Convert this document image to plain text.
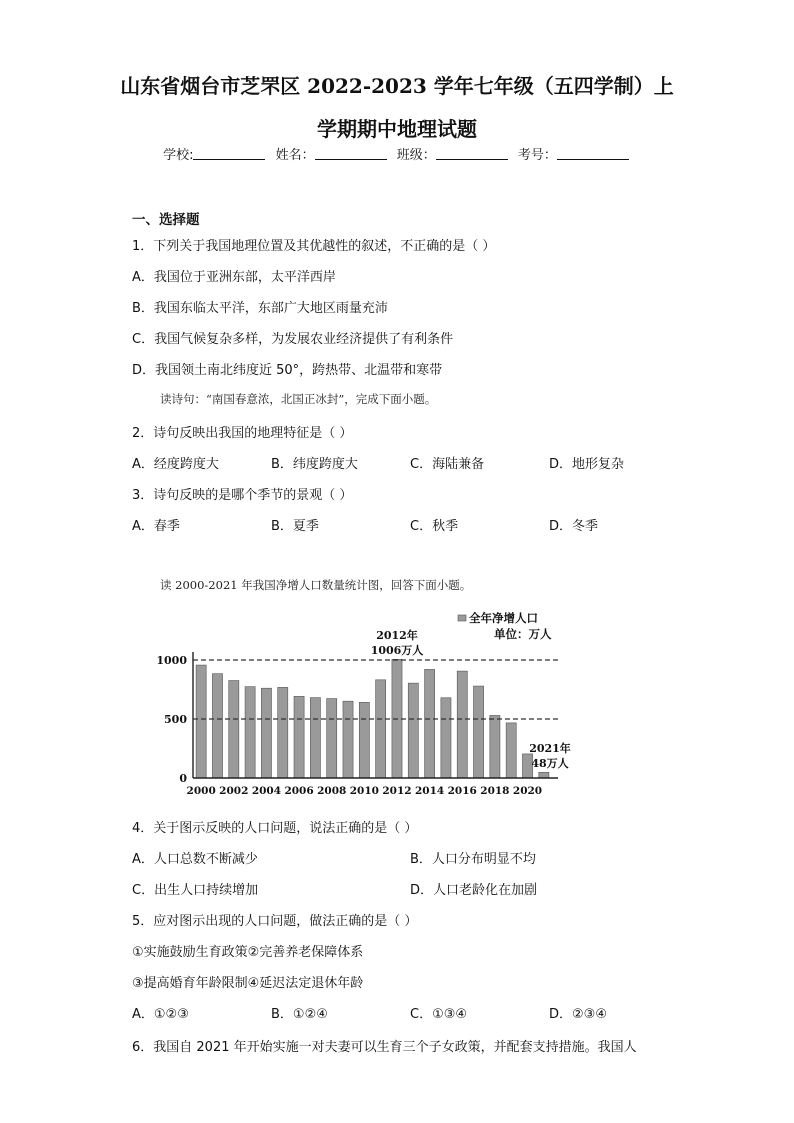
山东省烟台市芝罘区 2022-2023 学年七年级（五四学制）上
学期期中地理试题
学校:	姓名：	班级：	考号：
一、选择题
1．下列关于我国地理位置及其优越性的叙述，不正确的是（ ）
A．我国位于亚洲东部，太平洋西岸
B．我国东临太平洋，东部广大地区雨量充沛
C．我国气候复杂多样，为发展农业经济提供了有利条件
D．我国领土南北纬度近 50°，跨热带、北温带和寒带
读诗句：“南国春意浓，北国正冰封”，完成下面小题。
2．诗句反映出我国的地理特征是（ ）
A．经度跨度大	B．纬度跨度大	C．海陆兼备	D．地形复杂
3．诗句反映的是哪个季节的景观（ ）
A．春季	B．夏季	C．秋季	D．冬季
读 2000-2021 年我国净增人口数量统计图，回答下面小题。
0
500
1000
2000 2002 2004 2006 2008 2010 2012 2014 2016 2018 2020
全年净增人口
单位：万人
2012年
1006万人
2021年
48万人
4．关于图示反映的人口问题，说法正确的是（ ）
A．人口总数不断减少	B．人口分布明显不均
C．出生人口持续增加	D．人口老龄化在加剧
5．应对图示出现的人口问题，做法正确的是（ ）
①实施鼓励生育政策②完善养老保障体系
③提高婚育年龄限制④延迟法定退休年龄
A．①②③	B．①②④	C．①③④	D．②③④
6．我国自 2021 年开始实施一对夫妻可以生育三个子女政策，并配套支持措施。我国人
